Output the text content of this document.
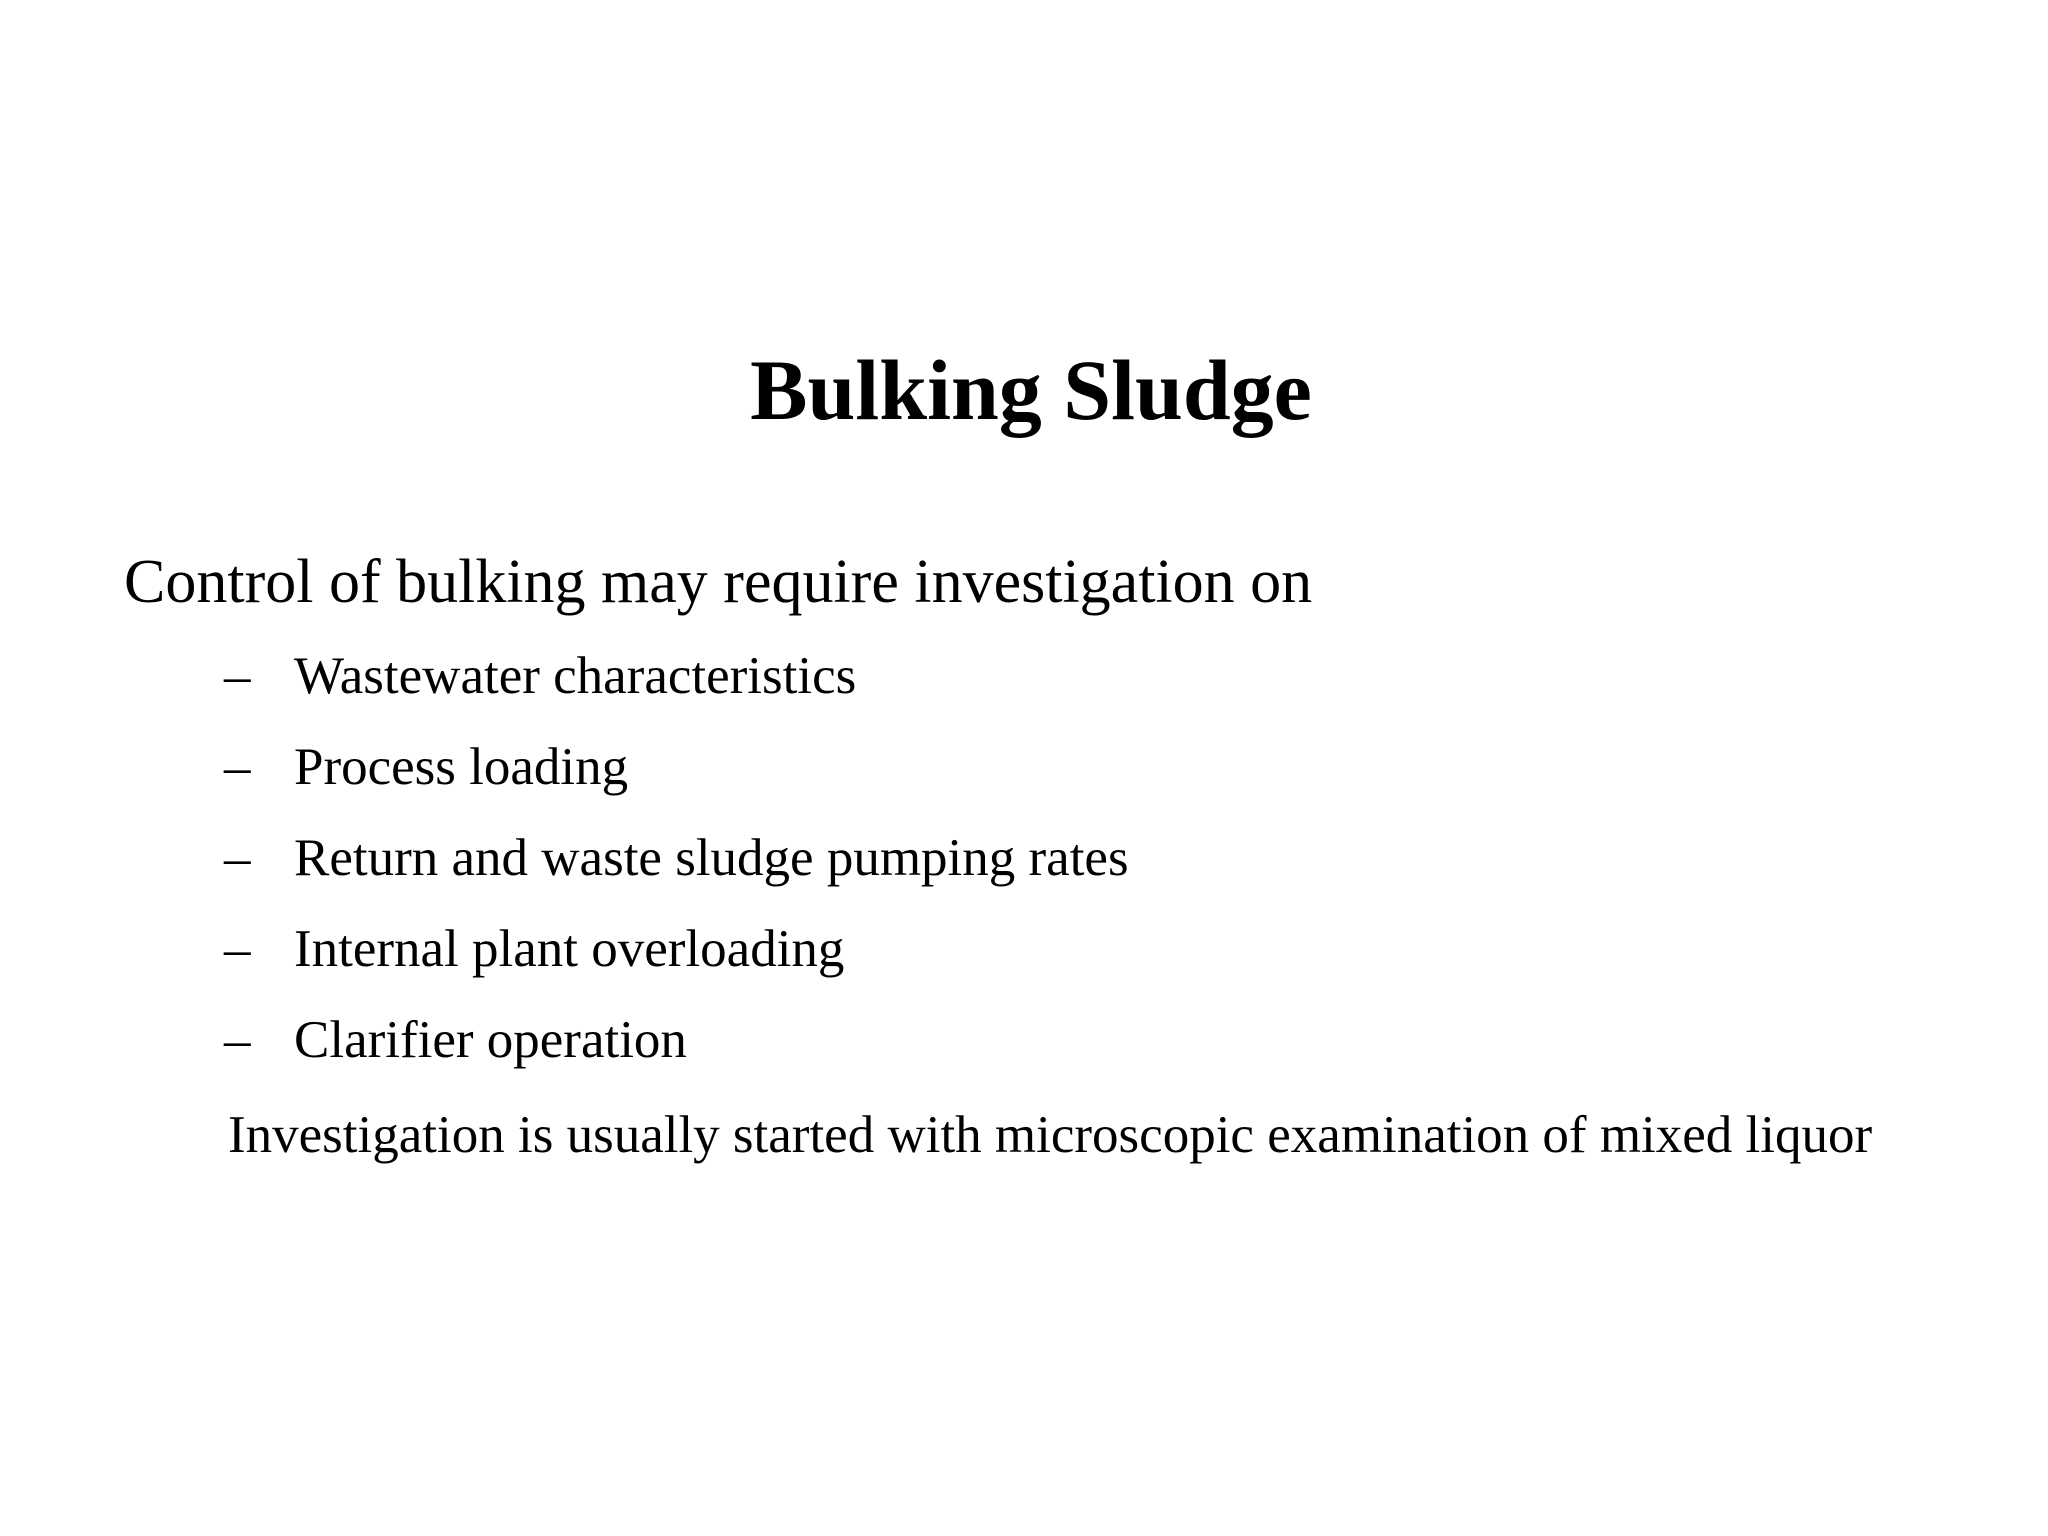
Bulking Sludge

Control of bulking may require investigation on

– Wastewater characteristics
– Process loading
– Return and waste sludge pumping rates
– Internal plant overloading
– Clarifier operation

Investigation is usually started with microscopic examination of mixed liquor
